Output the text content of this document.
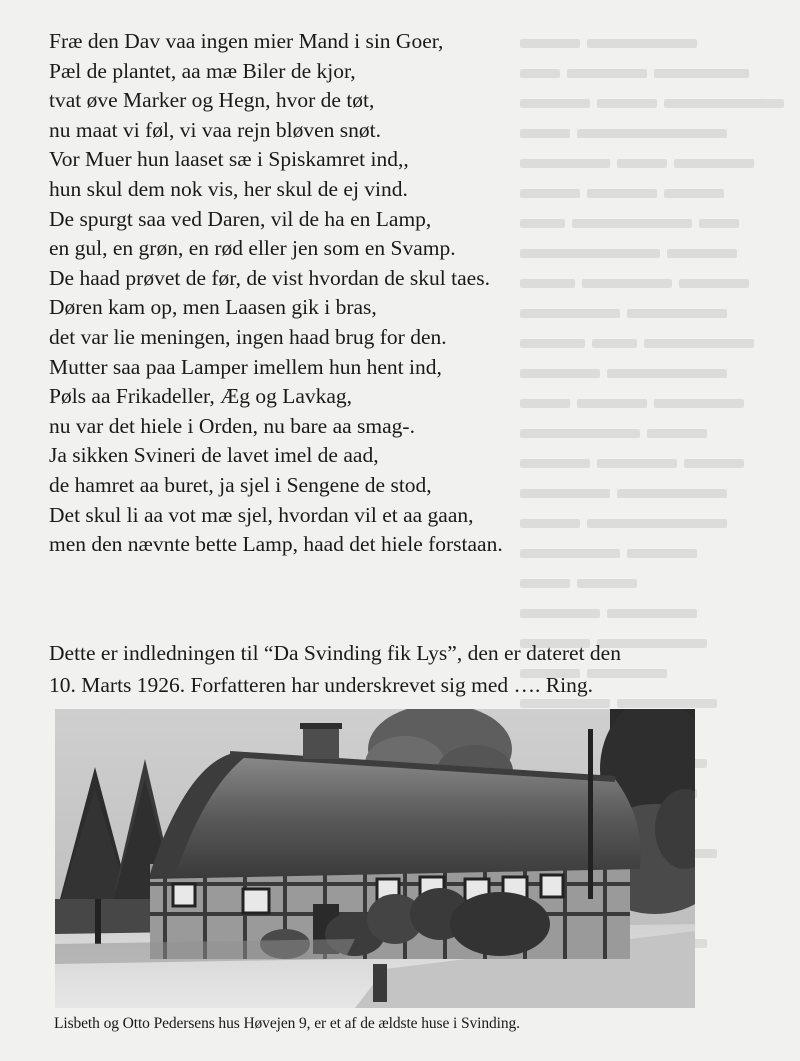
Fræ den Dav vaa ingen mier Mand i sin Goer,
Pæl de plantet, aa mæ Biler de kjor,
tvat øve Marker og Hegn, hvor de tøt,
nu maat vi føl, vi vaa rejn bløven snøt.
Vor Muer hun laaset sæ i Spiskamret ind,,
hun skul dem nok vis, her skul de ej vind.
De spurgt saa ved Daren, vil de ha en Lamp,
en gul, en grøn, en rød eller jen som en Svamp.
De haad prøvet de før, de vist hvordan de skul taes.
Døren kam op, men Laasen gik i bras,
det var lie meningen, ingen haad brug for den.
Mutter saa paa Lamper imellem hun hent ind,
Pøls aa Frikadeller, Æg og Lavkag,
nu var det hiele i Orden, nu bare aa smag-.
Ja sikken Svineri de lavet imel de aad,
de hamret aa buret, ja sjel i Sengene de stod,
Det skul li aa vot mæ sjel, hvordan vil et aa gaan,
men den nævnte bette Lamp, haad det hiele forstaan.
Dette er indledningen til “Da Svinding fik Lys”, den er dateret den
10. Marts 1926. Forfatteren har underskrevet sig med …. Ring.

Lisbeth og Otto Pedersens hus Høvejen 9, er et af de ældste huse i Svinding.
